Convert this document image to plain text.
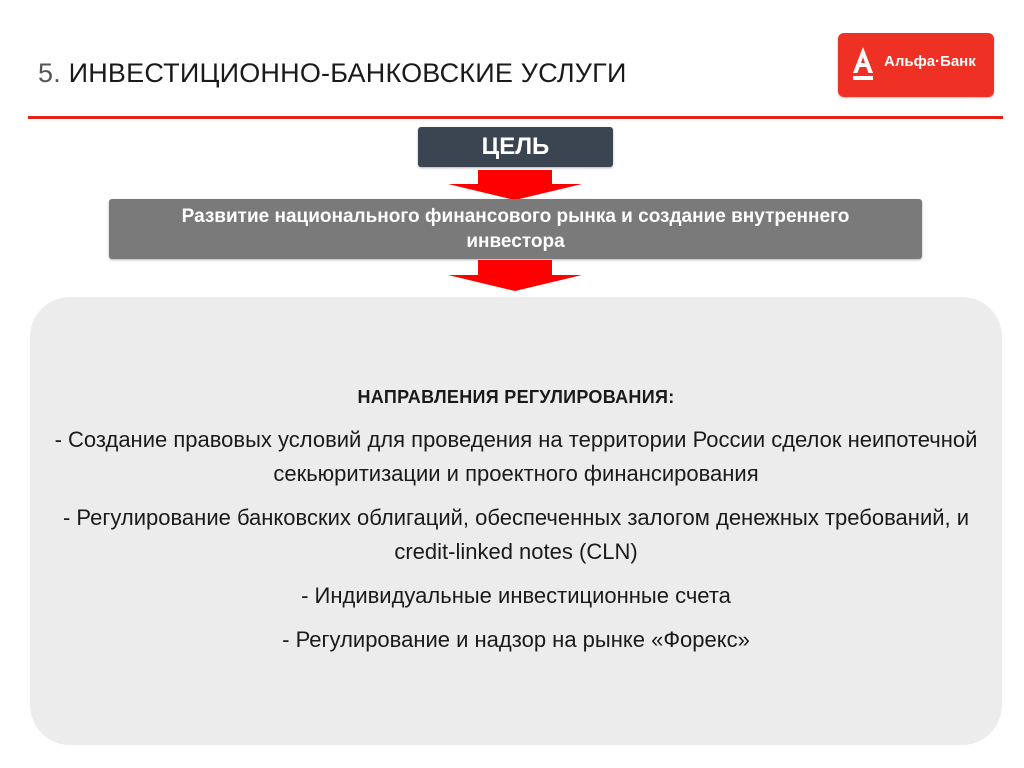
5. ИНВЕСТИЦИОННО-БАНКОВСКИЕ УСЛУГИ	Альфа·Банк
ЦЕЛЬ
Развитие национального финансового рынка и создание внутреннего инвестора
НАПРАВЛЕНИЯ РЕГУЛИРОВАНИЯ:
- Создание правовых условий для проведения на территории России сделок неипотечной секьюритизации и проектного финансирования
- Регулирование банковских облигаций, обеспеченных залогом денежных требований, и credit-linked notes (CLN)
- Индивидуальные инвестиционные счета
- Регулирование и надзор на рынке «Форекс»
